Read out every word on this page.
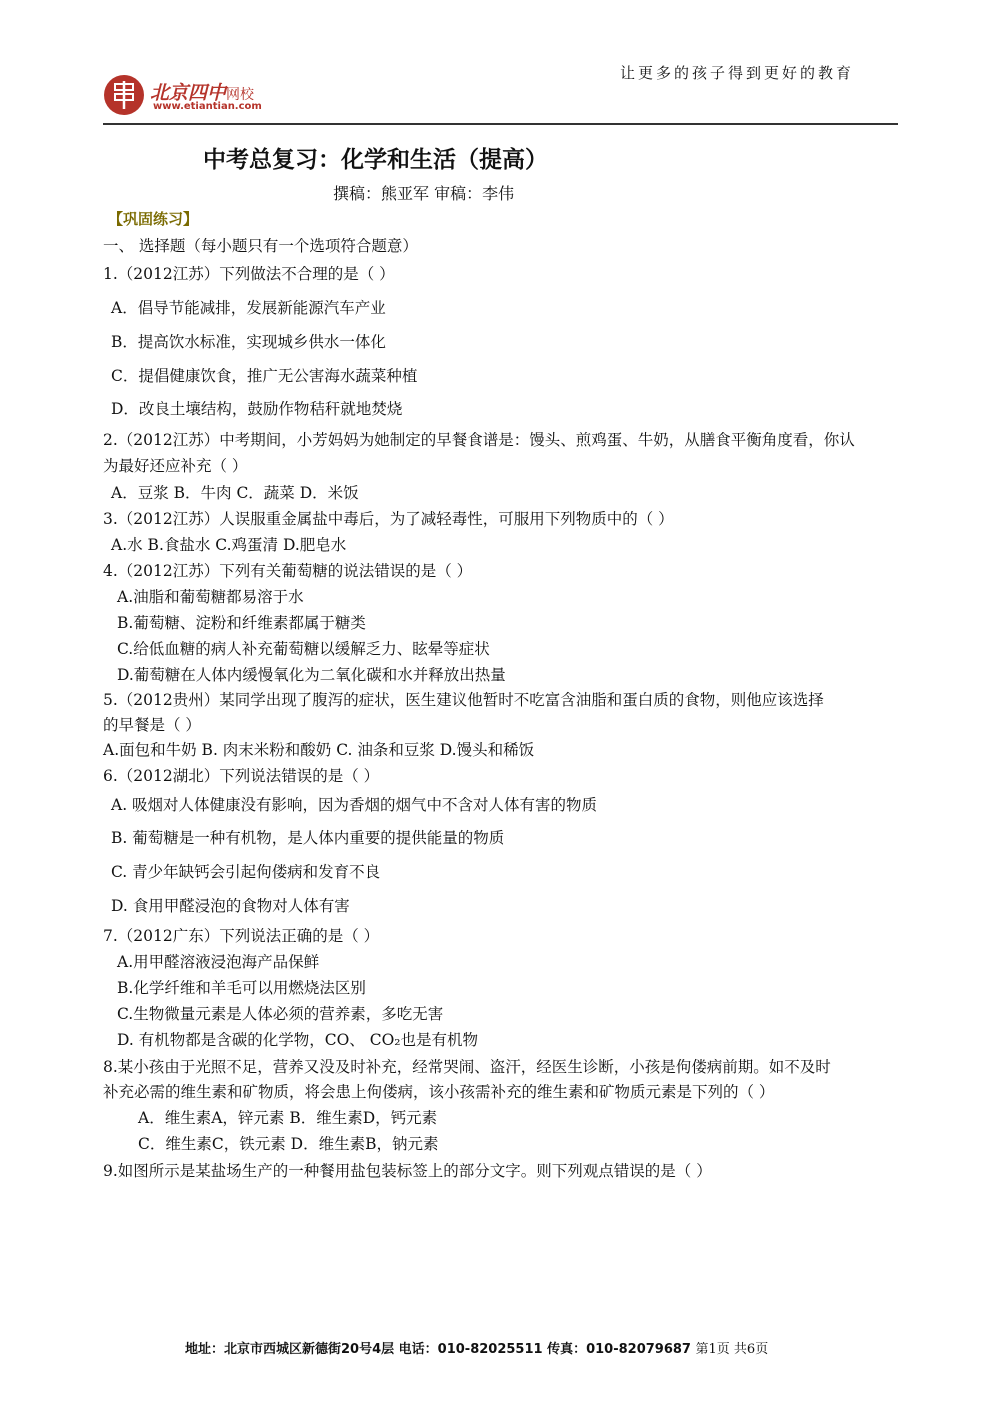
让更多的孩子得到更好的教育
北京四中网校
www.etiantian.com
中考总复习：化学和生活（提高）
撰稿：熊亚军 审稿：李伟
【巩固练习】
一、 选择题（每小题只有一个选项符合题意）
1.（2012江苏）下列做法不合理的是（ ）
A．倡导节能减排，发展新能源汽车产业
B．提高饮水标准，实现城乡供水一体化
C．提倡健康饮食，推广无公害海水蔬菜种植
D．改良土壤结构，鼓励作物秸秆就地焚烧
2.（2012江苏）中考期间，小芳妈妈为她制定的早餐食谱是：馒头、煎鸡蛋、牛奶，从膳食平衡角度看，你认
为最好还应补充（ ）
A．豆浆 B．牛肉 C．蔬菜 D．米饭
3.（2012江苏）人误服重金属盐中毒后，为了减轻毒性，可服用下列物质中的（ ）
A.水 B.食盐水 C.鸡蛋清 D.肥皂水
4.（2012江苏）下列有关葡萄糖的说法错误的是（ ）
A.油脂和葡萄糖都易溶于水
B.葡萄糖、淀粉和纤维素都属于糖类
C.给低血糖的病人补充葡萄糖以缓解乏力、眩晕等症状
D.葡萄糖在人体内缓慢氧化为二氧化碳和水并释放出热量
5.（2012贵州）某同学出现了腹泻的症状，医生建议他暂时不吃富含油脂和蛋白质的食物，则他应该选择
的早餐是（ ）
A.面包和牛奶 B. 肉末米粉和酸奶 C. 油条和豆浆 D.馒头和稀饭
6.（2012湖北）下列说法错误的是（ ）
A. 吸烟对人体健康没有影响，因为香烟的烟气中不含对人体有害的物质
B. 葡萄糖是一种有机物，是人体内重要的提供能量的物质
C. 青少年缺钙会引起佝偻病和发育不良
D. 食用甲醛浸泡的食物对人体有害
7.（2012广东）下列说法正确的是（ ）
A.用甲醛溶液浸泡海产品保鲜
B.化学纤维和羊毛可以用燃烧法区别
C.生物微量元素是人体必须的营养素，多吃无害
D. 有机物都是含碳的化学物，CO、 CO₂也是有机物
8.某小孩由于光照不足，营养又没及时补充，经常哭闹、盗汗，经医生诊断，小孩是佝偻病前期。如不及时
补充必需的维生素和矿物质，将会患上佝偻病，该小孩需补充的维生素和矿物质元素是下列的（ ）
A．维生素A，锌元素 B．维生素D，钙元素
C．维生素C，铁元素 D．维生素B，钠元素
9.如图所示是某盐场生产的一种餐用盐包装标签上的部分文字。则下列观点错误的是（ ）
地址：北京市西城区新德街20号4层 电话：010-82025511 传真：010-82079687 第1页 共6页
